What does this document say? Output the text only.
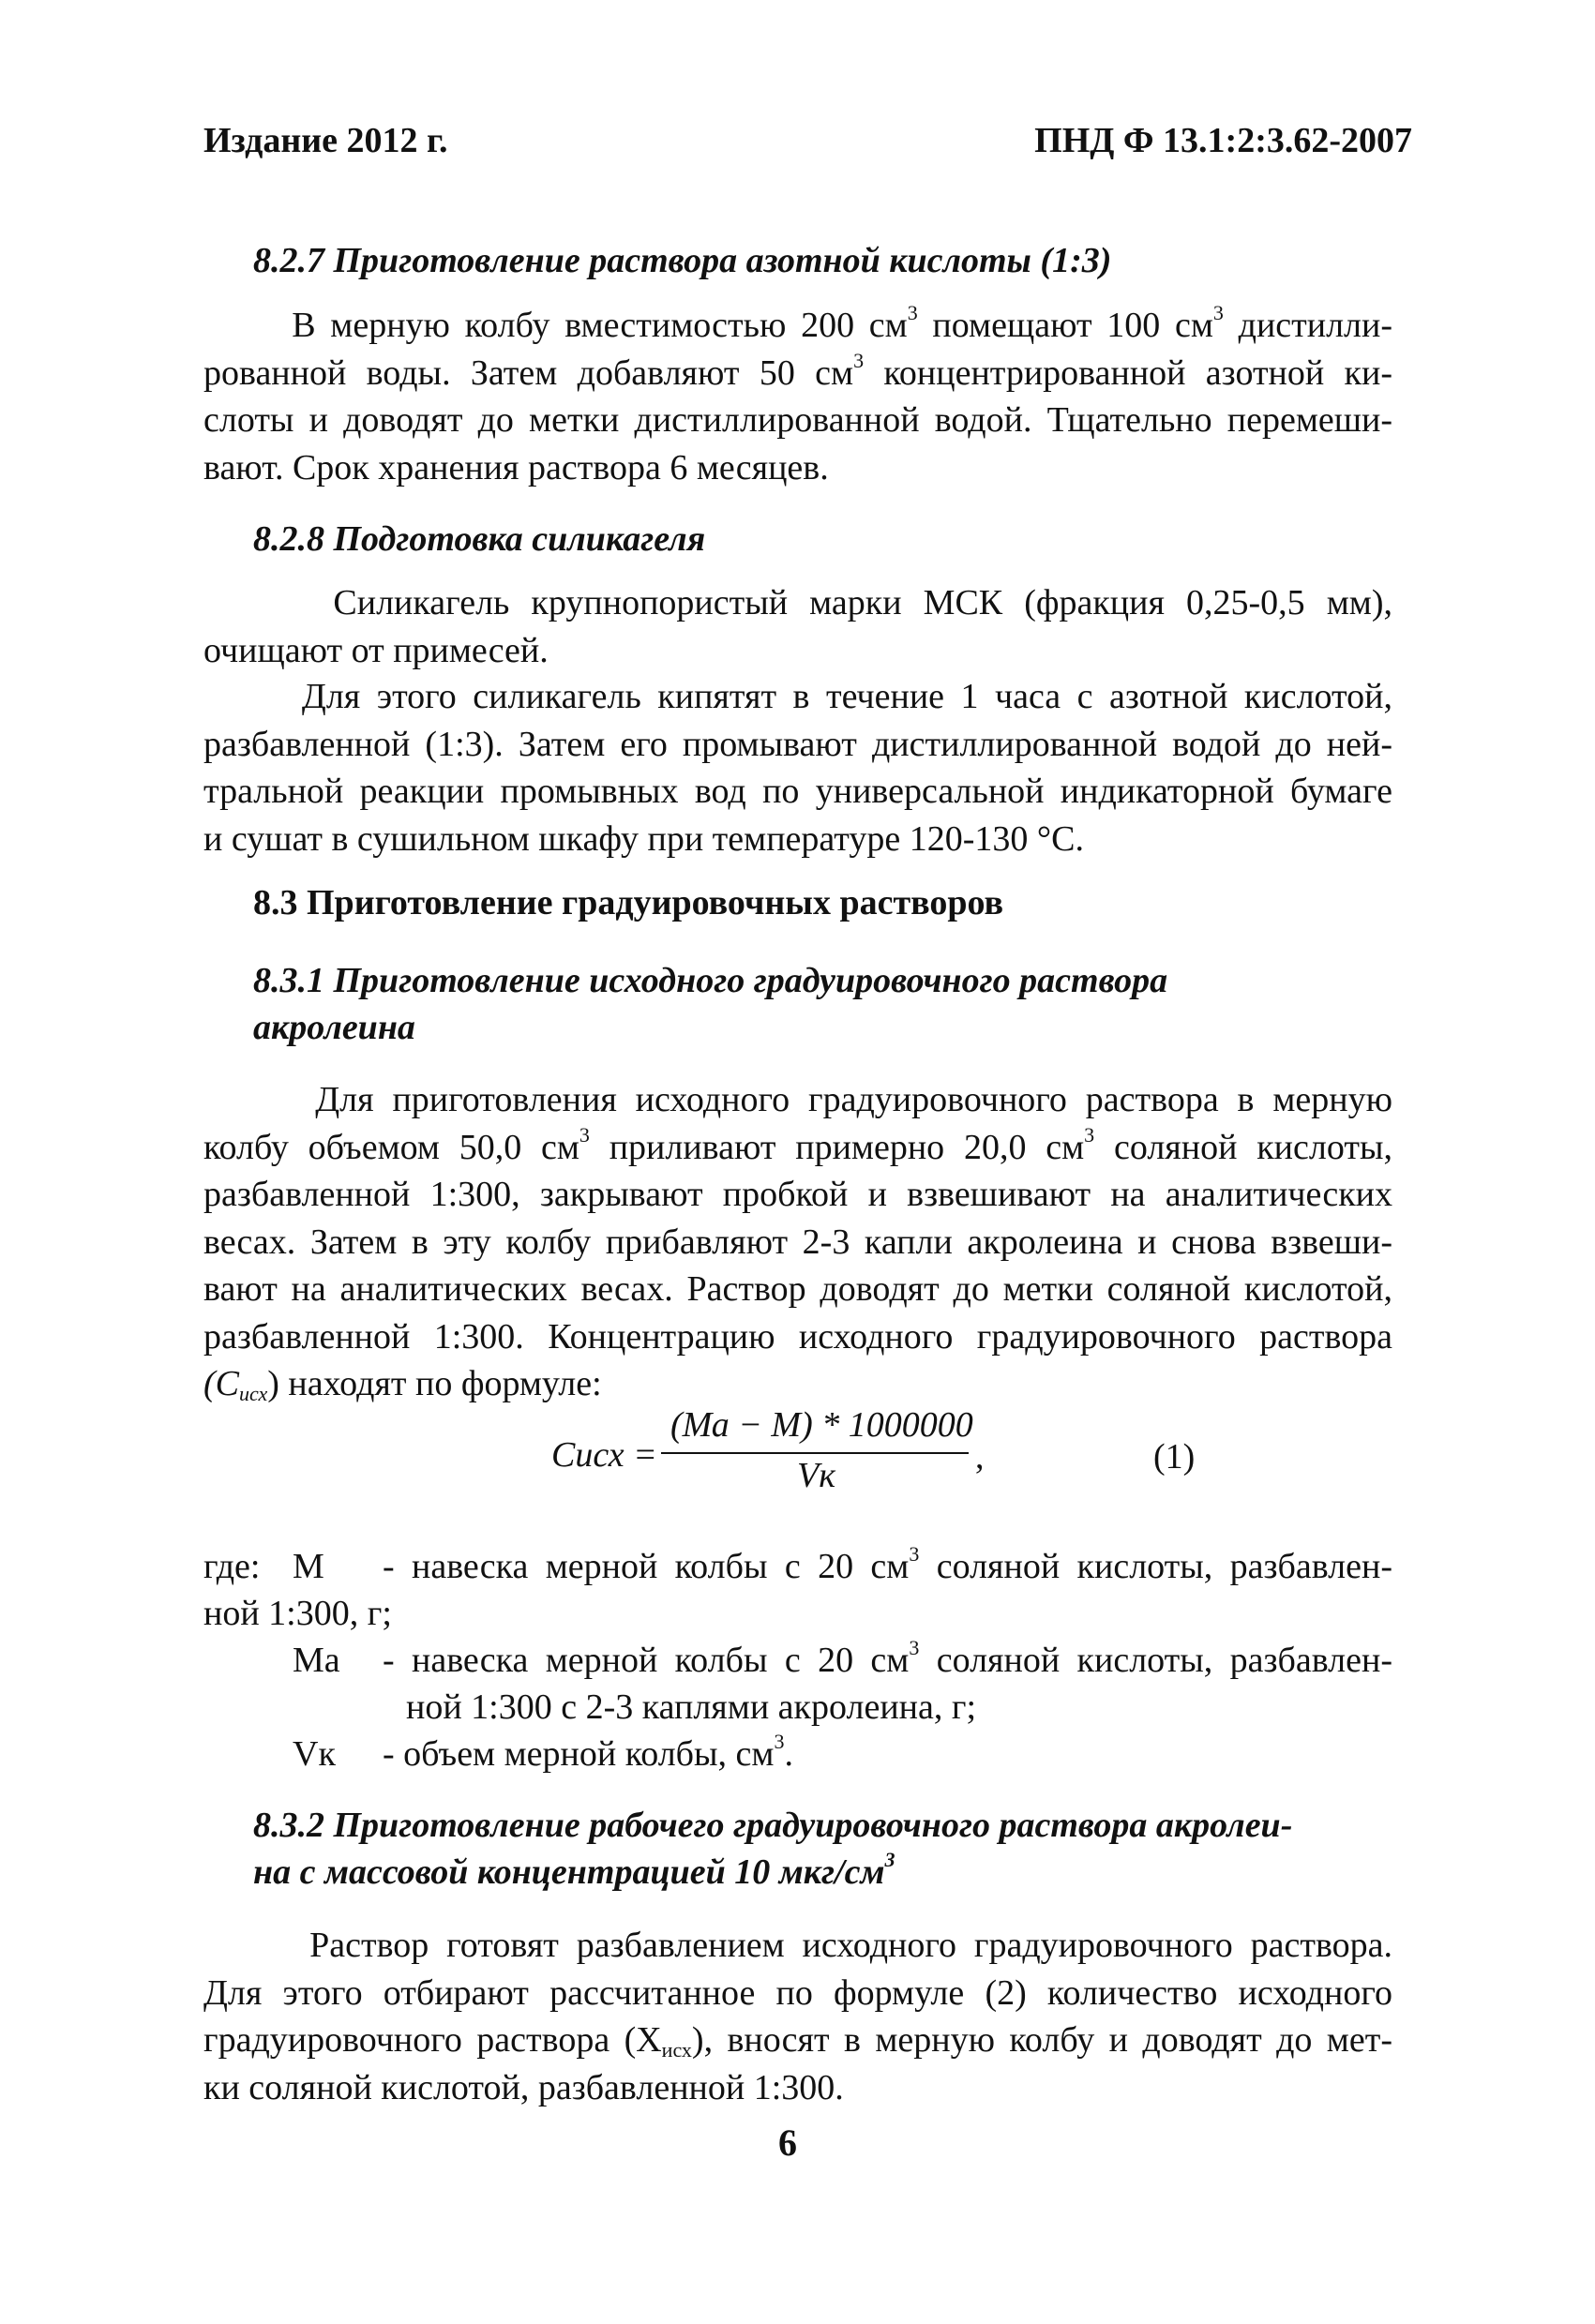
Издание 2012 г.	ПНД Ф 13.1:2:3.62-2007
8.2.7 Приготовление раствора азотной кислоты (1:3)
В мерную колбу вместимостью 200 $см^3$ помещают 100 $см^3$ дистилли-
рованной воды. Затем добавляют 50 $см^3$ концентрированной азотной ки-
слоты и доводят до метки дистиллированной водой. Тщательно перемеши-
вают. Срок хранения раствора 6 месяцев.
8.2.8 Подготовка силикагеля
Силикагель крупнопористый марки МСК (фракция 0,25-0,5 мм),
очищают от примесей.
Для этого силикагель кипятят в течение 1 часа с азотной кислотой,
разбавленной (1:3). Затем его промывают дистиллированной водой до ней-
тральной реакции промывных вод по универсальной индикаторной бумаге
и сушат в сушильном шкафу при температуре 120-130 °С.
8.3 Приготовление градуировочных растворов
8.3.1 Приготовление исходного градуировочного раствора
акролеина
Для приготовления исходного градуировочного раствора в мерную
колбу объемом 50,0 $см^3$ приливают примерно 20,0 $см^3$ соляной кислоты,
разбавленной 1:300, закрывают пробкой и взвешивают на аналитических
весах. Затем в эту колбу прибавляют 2-3 капли акролеина и снова взвеши-
вают на аналитических весах. Раствор доводят до метки соляной кислотой,
разбавленной 1:300. Концентрацию исходного градуировочного раствора
$(C_{исх})$ находят по формуле:
Сисх =
(Ма − М) * 1000000
Vк	,	(1)
где: М - навеска мерной колбы с 20 $см^3$ соляной кислоты, разбавлен-
ной 1:300, г;
Ма - навеска мерной колбы с 20 $см^3$ соляной кислоты, разбавлен-
ной 1:300 с 2-3 каплями акролеина, г;
Vк - объем мерной колбы, $см^3$.
8.3.2 Приготовление рабочего градуировочного раствора акролеи-
на с массовой концентрацией 10 мкг/$см^3$
Раствор готовят разбавлением исходного градуировочного раствора.
Для этого отбирают рассчитанное по формуле (2) количество исходного
градуировочного раствора $(X_{исх})$, вносят в мерную колбу и доводят до мет-
ки соляной кислотой, разбавленной 1:300.
6
